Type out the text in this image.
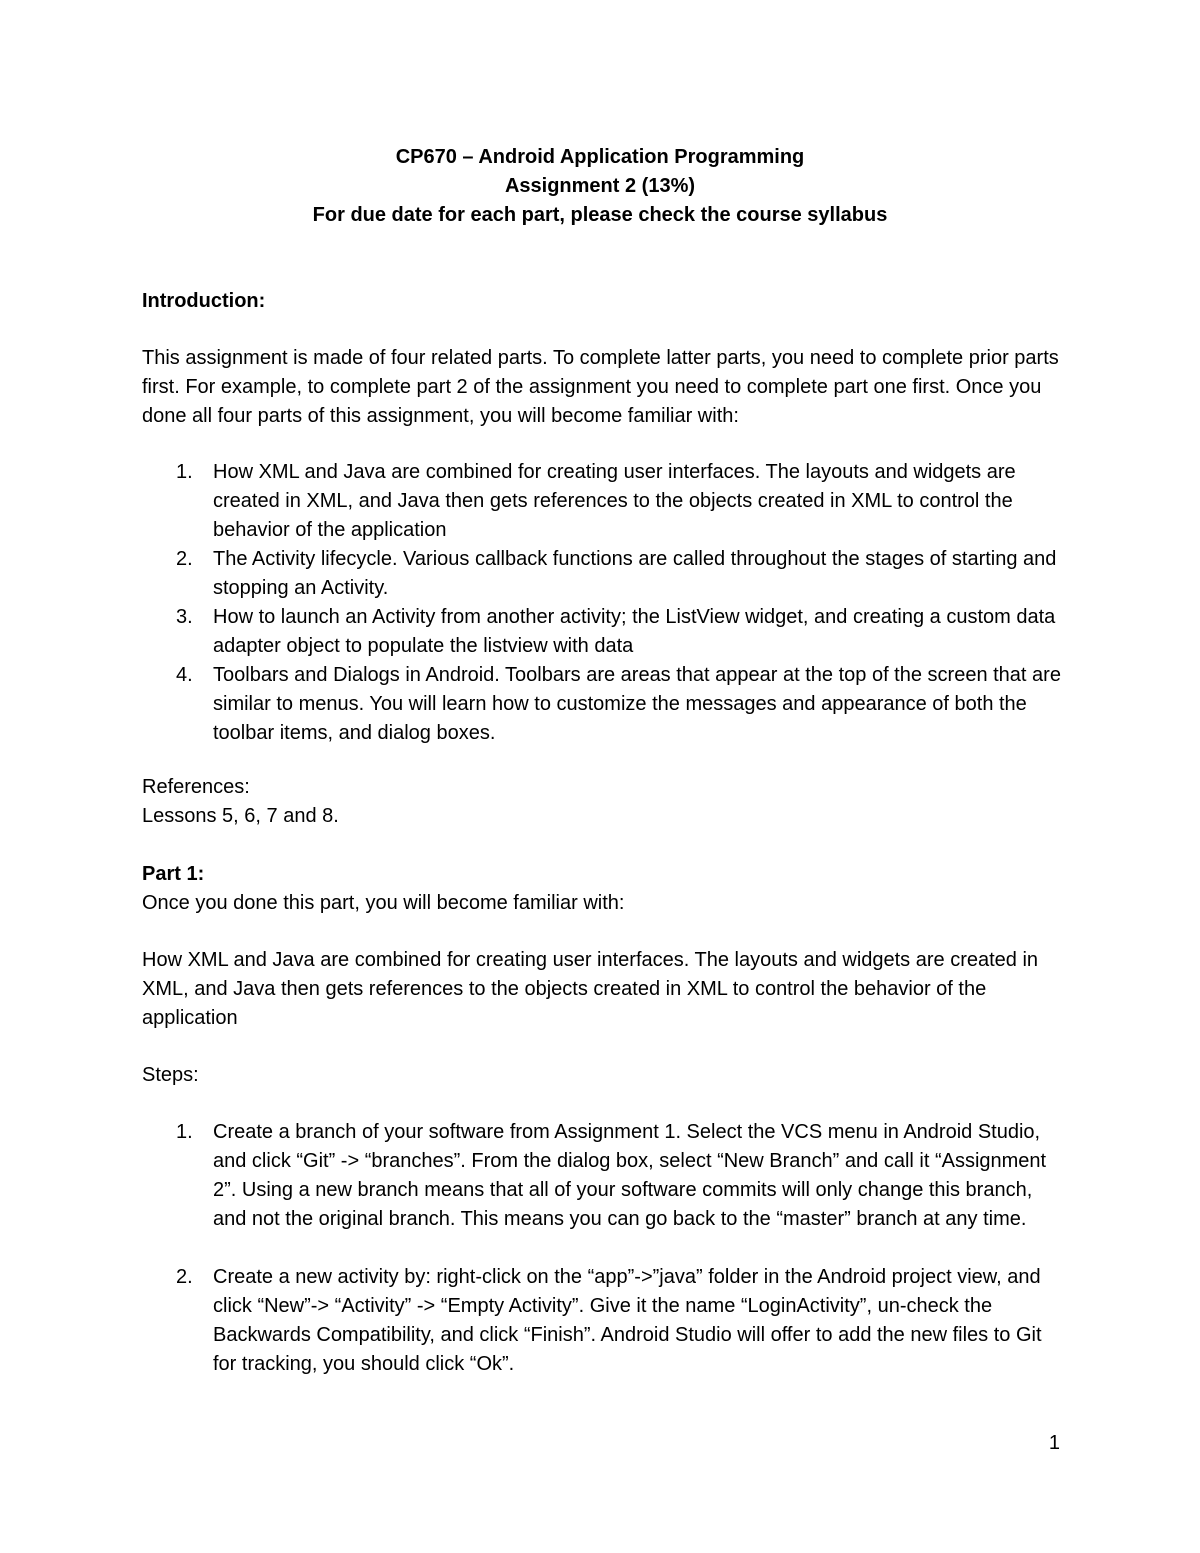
CP670 – Android Application Programming
Assignment 2 (13%)
For due date for each part, please check the course syllabus
Introduction:
This assignment is made of four related parts. To complete latter parts, you need to complete prior parts first. For example, to complete part 2 of the assignment you need to complete part one first. Once you done all four parts of this assignment, you will become familiar with:
1. How XML and Java are combined for creating user interfaces. The layouts and widgets are created in XML, and Java then gets references to the objects created in XML to control the behavior of the application
2. The Activity lifecycle. Various callback functions are called throughout the stages of starting and stopping an Activity.
3. How to launch an Activity from another activity; the ListView widget, and creating a custom data adapter object to populate the listview with data
4. Toolbars and Dialogs in Android. Toolbars are areas that appear at the top of the screen that are similar to menus. You will learn how to customize the messages and appearance of both the toolbar items, and dialog boxes.
References:
Lessons 5, 6, 7 and 8.
Part 1:
Once you done this part, you will become familiar with:
How XML and Java are combined for creating user interfaces. The layouts and widgets are created in XML, and Java then gets references to the objects created in XML to control the behavior of the application
Steps:
1. Create a branch of your software from Assignment 1. Select the VCS menu in Android Studio, and click “Git” -> “branches”. From the dialog box, select “New Branch” and call it “Assignment 2”. Using a new branch means that all of your software commits will only change this branch, and not the original branch. This means you can go back to the “master” branch at any time.
2. Create a new activity by: right-click on the “app”->”java” folder in the Android project view, and click “New”-> “Activity” -> “Empty Activity”. Give it the name “LoginActivity”, un-check the Backwards Compatibility, and click “Finish”. Android Studio will offer to add the new files to Git for tracking, you should click “Ok”.
1
